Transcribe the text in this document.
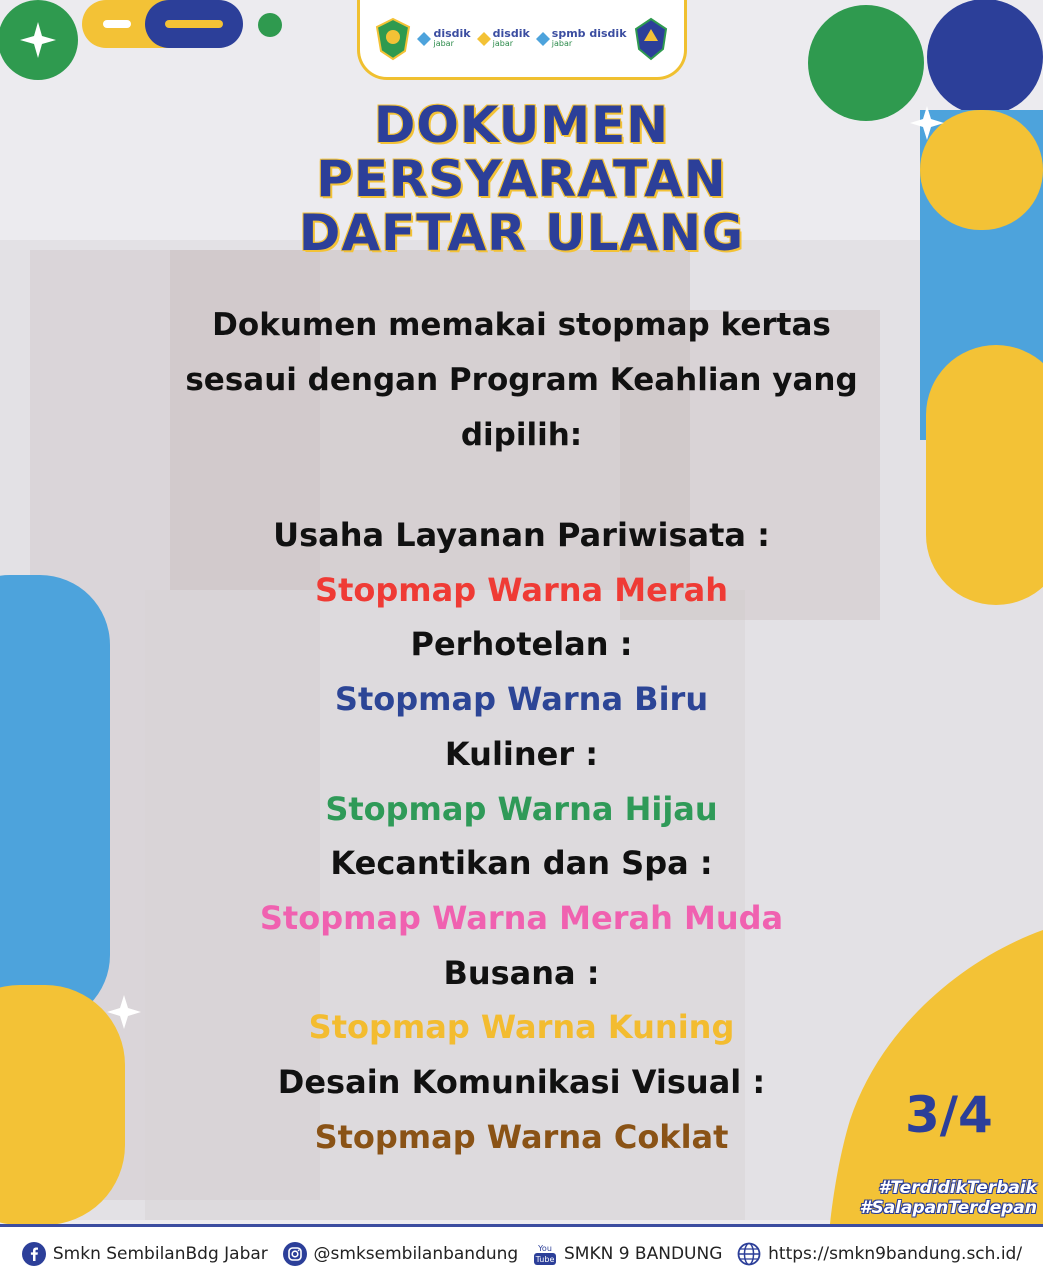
disdik
jabar
disdik
jabar
spmb disdik
jabar
DOKUMEN
PERSYARATAN
DAFTAR ULANG
Dokumen memakai stopmap kertas
sesaui dengan Program Keahlian yang
dipilih:
Usaha Layanan Pariwisata :
Stopmap Warna Merah
Perhotelan :
Stopmap Warna Biru
Kuliner :
Stopmap Warna Hijau
Kecantikan dan Spa :
Stopmap Warna Merah Muda
Busana :
Stopmap Warna Kuning
Desain Komunikasi Visual :
Stopmap Warna Coklat	3/4
#TerdidikTerbaik
#SalapanTerdepan
Smkn SembilanBdg Jabar	@smksembilanbandung You
Tube SMKN 9 BANDUNG	https://smkn9bandung.sch.id/
